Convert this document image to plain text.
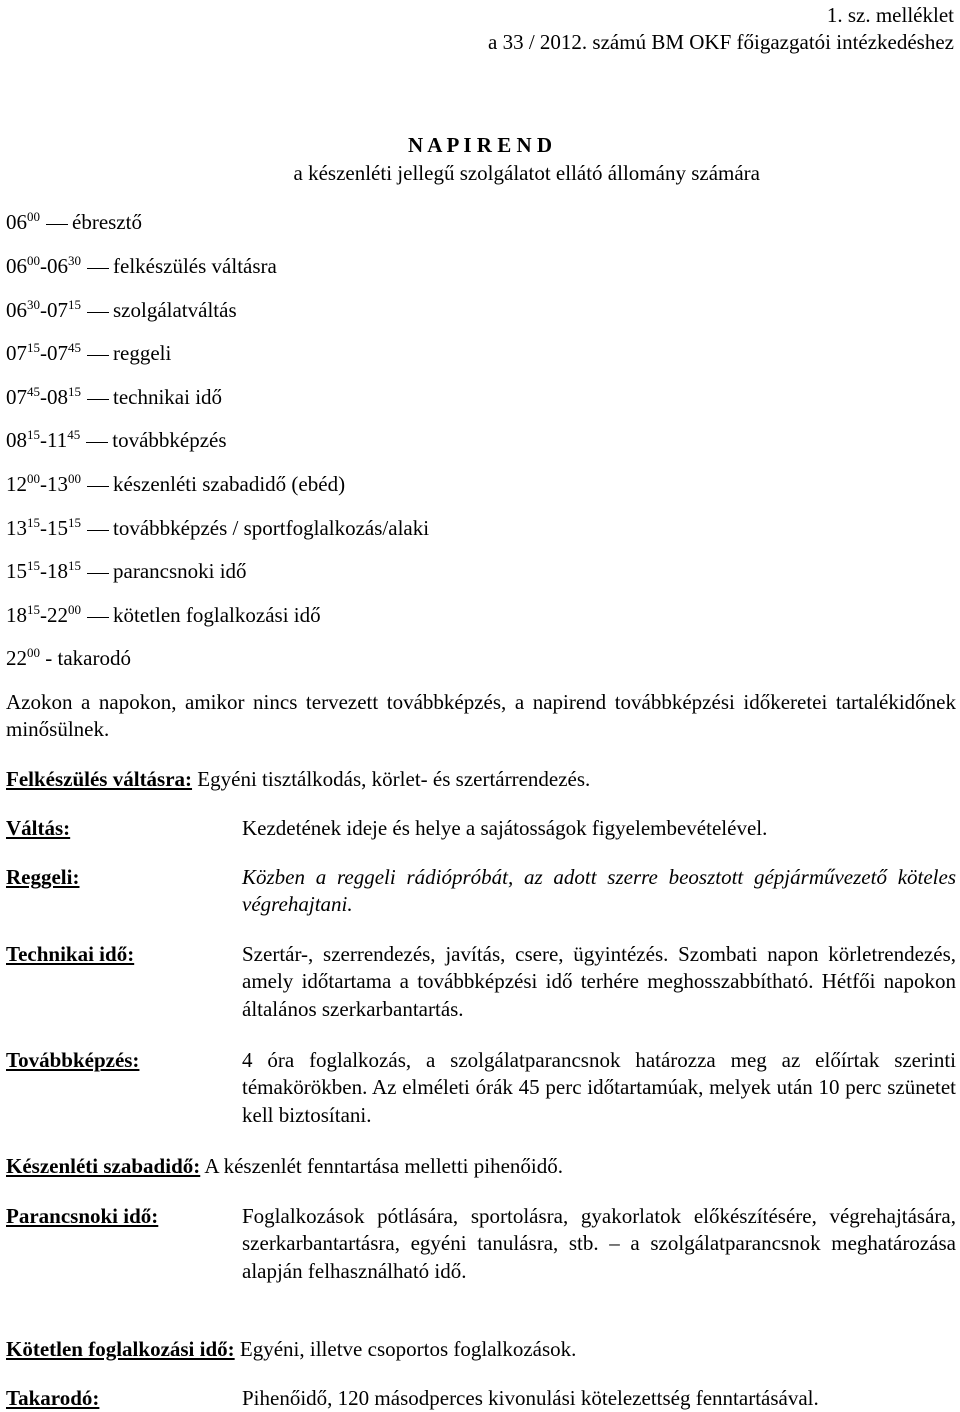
1. sz. melléklet
a 33 / 2012. számú BM OKF főigazgatói intézkedéshez
N A P I R E N D
a készenléti jellegű szolgálatot ellátó állomány számára
$06^{00}$ ébresztő
$06^{00}-06^{30}$ felkészülés váltásra
$06^{30}-07^{15}$ szolgálatváltás
$07^{15}-07^{45}$ reggeli
$07^{45}-08^{15}$ technikai idő
$08^{15}-11^{45}$ továbbképzés
$12^{00}-13^{00}$ készenléti szabadidő (ebéd)
$13^{15}-15^{15}$ továbbképzés / sportfoglalkozás/alaki
$15^{15}-18^{15}$ parancsnoki idő
$18^{15}-22^{00}$ kötetlen foglalkozási idő
$22^{00}$ - takarodó
Azokon a napokon, amikor nincs tervezett továbbképzés, a napirend továbbképzési időkeretei tartalékidőnek minősülnek.
Felkészülés váltásra: Egyéni tisztálkodás, körlet- és szertárrendezés.
Váltás:	Kezdetének ideje és helye a sajátosságok figyelembevételével.
Reggeli:	Közben a reggeli rádiópróbát, az adott szerre beosztott gépjárművezető köteles végrehajtani.
Technikai idő:	Szertár-, szerrendezés, javítás, csere, ügyintézés. Szombati napon körletrendezés, amely időtartama a továbbképzési idő terhére meghosszabbítható. Hétfői napokon általános szerkarbantartás.
Továbbképzés:	4 óra foglalkozás, a szolgálatparancsnok határozza meg az előírtak szerinti témakörökben. Az elméleti órák 45 perc időtartamúak, melyek után 10 perc szünetet kell biztosítani.
Készenléti szabadidő: A készenlét fenntartása melletti pihenőidő.
Parancsnoki idő:	Foglalkozások pótlására, sportolásra, gyakorlatok előkészítésére, végrehajtására, szerkarbantartásra, egyéni tanulásra, stb. – a szolgálatparancsnok meghatározása alapján felhasználható idő.
Kötetlen foglalkozási idő: Egyéni, illetve csoportos foglalkozások.
Takarodó:	Pihenőidő, 120 másodperces kivonulási kötelezettség fenntartásával.
